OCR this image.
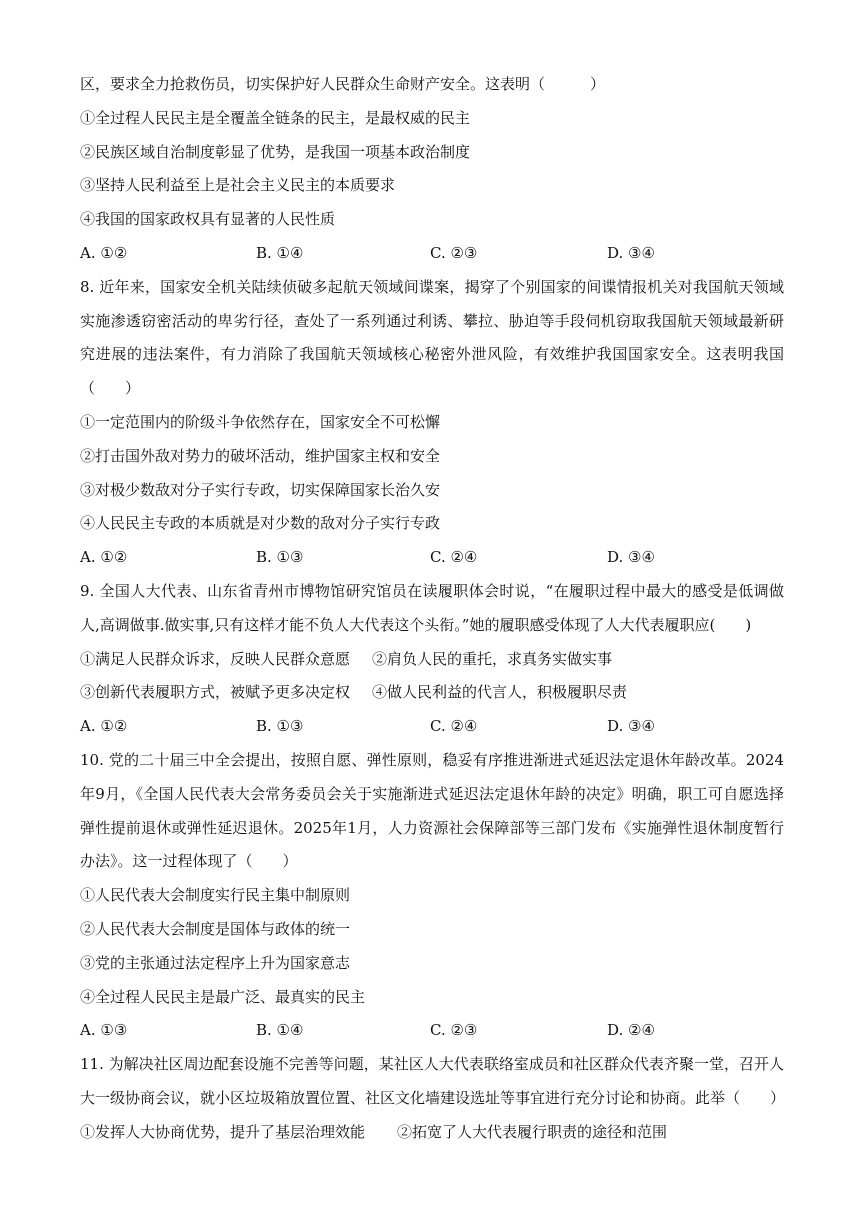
区，要求全力抢救伤员，切实保护好人民群众生命财产安全。这表明（　　　）
①全过程人民民主是全覆盖全链条的民主，是最权威的民主
②民族区域自治制度彰显了优势，是我国一项基本政治制度
③坚持人民利益至上是社会主义民主的本质要求
④我国的国家政权具有显著的人民性质
A. ①②	B. ①④	C. ②③	D. ③④
8. 近年来，国家安全机关陆续侦破多起航天领域间谍案，揭穿了个别国家的间谍情报机关对我国航天领域实施渗透窃密活动的卑劣行径，查处了一系列通过利诱、攀拉、胁迫等手段伺机窃取我国航天领域最新研究进展的违法案件，有力消除了我国航天领域核心秘密外泄风险，有效维护我国国家安全。这表明我国（　　）
①一定范围内的阶级斗争依然存在，国家安全不可松懈
②打击国外敌对势力的破坏活动，维护国家主权和安全
③对极少数敌对分子实行专政，切实保障国家长治久安
④人民民主专政的本质就是对少数的敌对分子实行专政
A. ①②	B. ①③	C. ②④	D. ③④
9. 全国人大代表、山东省青州市博物馆研究馆员在读履职体会时说，“在履职过程中最大的感受是低调做人,高调做事.做实事,只有这样才能不负人大代表这个头衔。”她的履职感受体现了人大代表履职应(　　)
①满足人民群众诉求，反映人民群众意愿 ②肩负人民的重托，求真务实做实事
③创新代表履职方式，被赋予更多决定权 ④做人民利益的代言人，积极履职尽责
A. ①②	B. ①③	C. ②④	D. ③④
10. 党的二十届三中全会提出，按照自愿、弹性原则，稳妥有序推进渐进式延迟法定退休年龄改革。2024年9月，《全国人民代表大会常务委员会关于实施渐进式延迟法定退休年龄的决定》明确，职工可自愿选择弹性提前退休或弹性延迟退休。2025年1月，人力资源社会保障部等三部门发布《实施弹性退休制度暂行办法》。这一过程体现了（　　）
①人民代表大会制度实行民主集中制原则
②人民代表大会制度是国体与政体的统一
③党的主张通过法定程序上升为国家意志
④全过程人民民主是最广泛、最真实的民主
A. ①③	B. ①④	C. ②③	D. ②④
11. 为解决社区周边配套设施不完善等问题，某社区人大代表联络室成员和社区群众代表齐聚一堂，召开人大一级协商会议，就小区垃圾箱放置位置、社区文化墙建设选址等事宜进行充分讨论和协商。此举（　　）
①发挥人大协商优势，提升了基层治理效能 ②拓宽了人大代表履行职责的途径和范围
